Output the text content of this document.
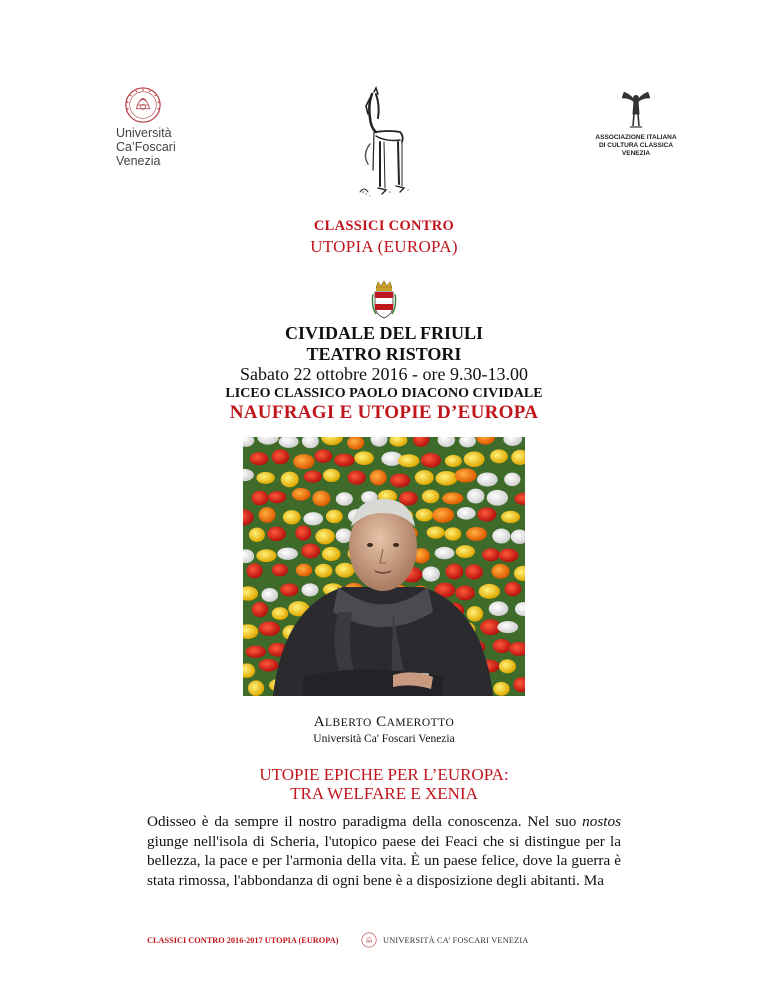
Università
Ca’Foscari
Venezia
ASSOCIAZIONE ITALIANA
DI CULTURA CLASSICA
VENEZIA
CLASSICI CONTRO
UTOPIA (EUROPA)
CIVIDALE DEL FRIULI
TEATRO RISTORI
Sabato 22 ottobre 2016 - ore 9.30-13.00
LICEO CLASSICO PAOLO DIACONO CIVIDALE
NAUFRAGI E UTOPIE D’EUROPA
ALBERTO CAMEROTTO
Università Ca' Foscari Venezia
UTOPIE EPICHE PER L’EUROPA:
TRA WELFARE E XENIA

Odisseo è da sempre il nostro paradigma della conoscenza. Nel suo nostos giunge nell'isola di Scheria, l'utopico paese dei Feaci che si distingue per la bellezza, la pace e per l'armonia della vita. È un paese felice, dove la guerra è stata rimossa, l'abbondanza di ogni bene è a disposizione degli abitanti. Ma

CLASSICI CONTRO 2016-2017 UTOPIA (EUROPA)	UNIVERSITÀ CA’ FOSCARI VENEZIA
